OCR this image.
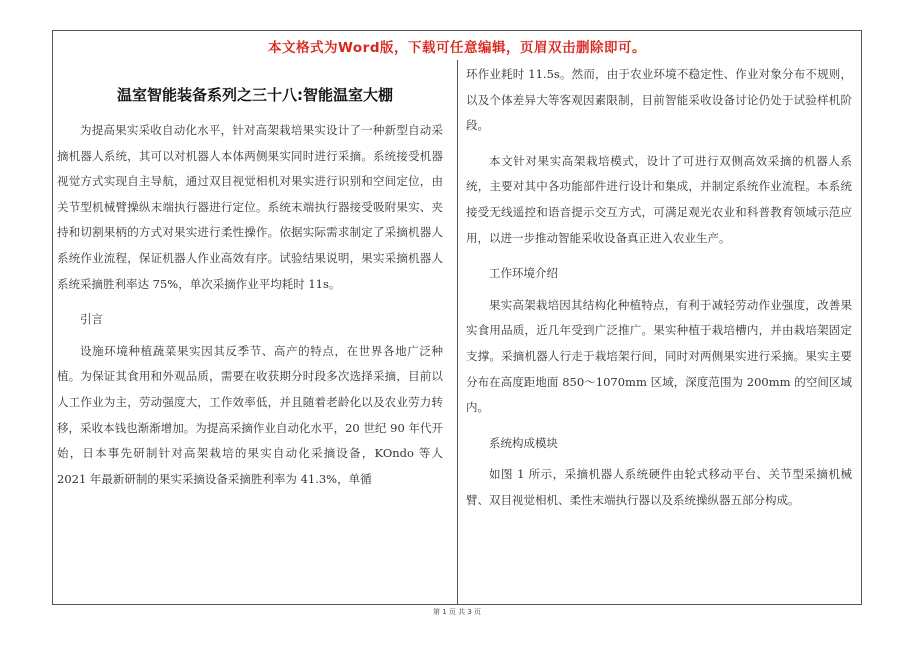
本文格式为Word版，下载可任意编辑，页眉双击删除即可。
温室智能装备系列之三十八:智能温室大棚

为提高果实采收自动化水平，针对高架栽培果实设计了一种新型自动采摘机器人系统，其可以对机器人本体两侧果实同时进行采摘。系统接受机器视觉方式实现自主导航，通过双目视觉相机对果实进行识别和空间定位，由关节型机械臂操纵末端执行器进行定位。系统末端执行器接受吸附果实、夹持和切割果柄的方式对果实进行柔性操作。依据实际需求制定了采摘机器人系统作业流程，保证机器人作业高效有序。试验结果说明，果实采摘机器人系统采摘胜利率达 75%，单次采摘作业平均耗时 11s。

引言

设施环境种植蔬菜果实因其反季节、高产的特点，在世界各地广泛种植。为保证其食用和外观品质，需要在收获期分时段多次选择采摘，目前以人工作业为主，劳动强度大，工作效率低，并且随着老龄化以及农业劳力转移，采收本钱也渐渐增加。为提高采摘作业自动化水平，20 世纪 90 年代开始，日本事先研制针对高架栽培的果实自动化采摘设备，KOndo 等人 2021 年最新研制的果实采摘设备采摘胜利率为 41.3%，单循

环作业耗时 11.5s。然而，由于农业环境不稳定性、作业对象分布不规则，以及个体差异大等客观因素限制，目前智能采收设备讨论仍处于试验样机阶段。

本文针对果实高架栽培模式，设计了可进行双侧高效采摘的机器人系统，主要对其中各功能部件进行设计和集成，并制定系统作业流程。本系统接受无线遥控和语音提示交互方式，可满足观光农业和科普教育领域示范应用，以进一步推动智能采收设备真正进入农业生产。

工作环境介绍

果实高架栽培因其结构化种植特点，有利于减轻劳动作业强度，改善果实食用品质，近几年受到广泛推广。果实种植于栽培槽内，并由栽培架固定支撑。采摘机器人行走于栽培架行间，同时对两侧果实进行采摘。果实主要分布在高度距地面 850～1070mm 区域，深度范围为 200mm 的空间区域内。

系统构成模块

如图 1 所示，采摘机器人系统硬件由轮式移动平台、关节型采摘机械臂、双目视觉相机、柔性末端执行器以及系统操纵器五部分构成。

第 1 页 共 3 页
